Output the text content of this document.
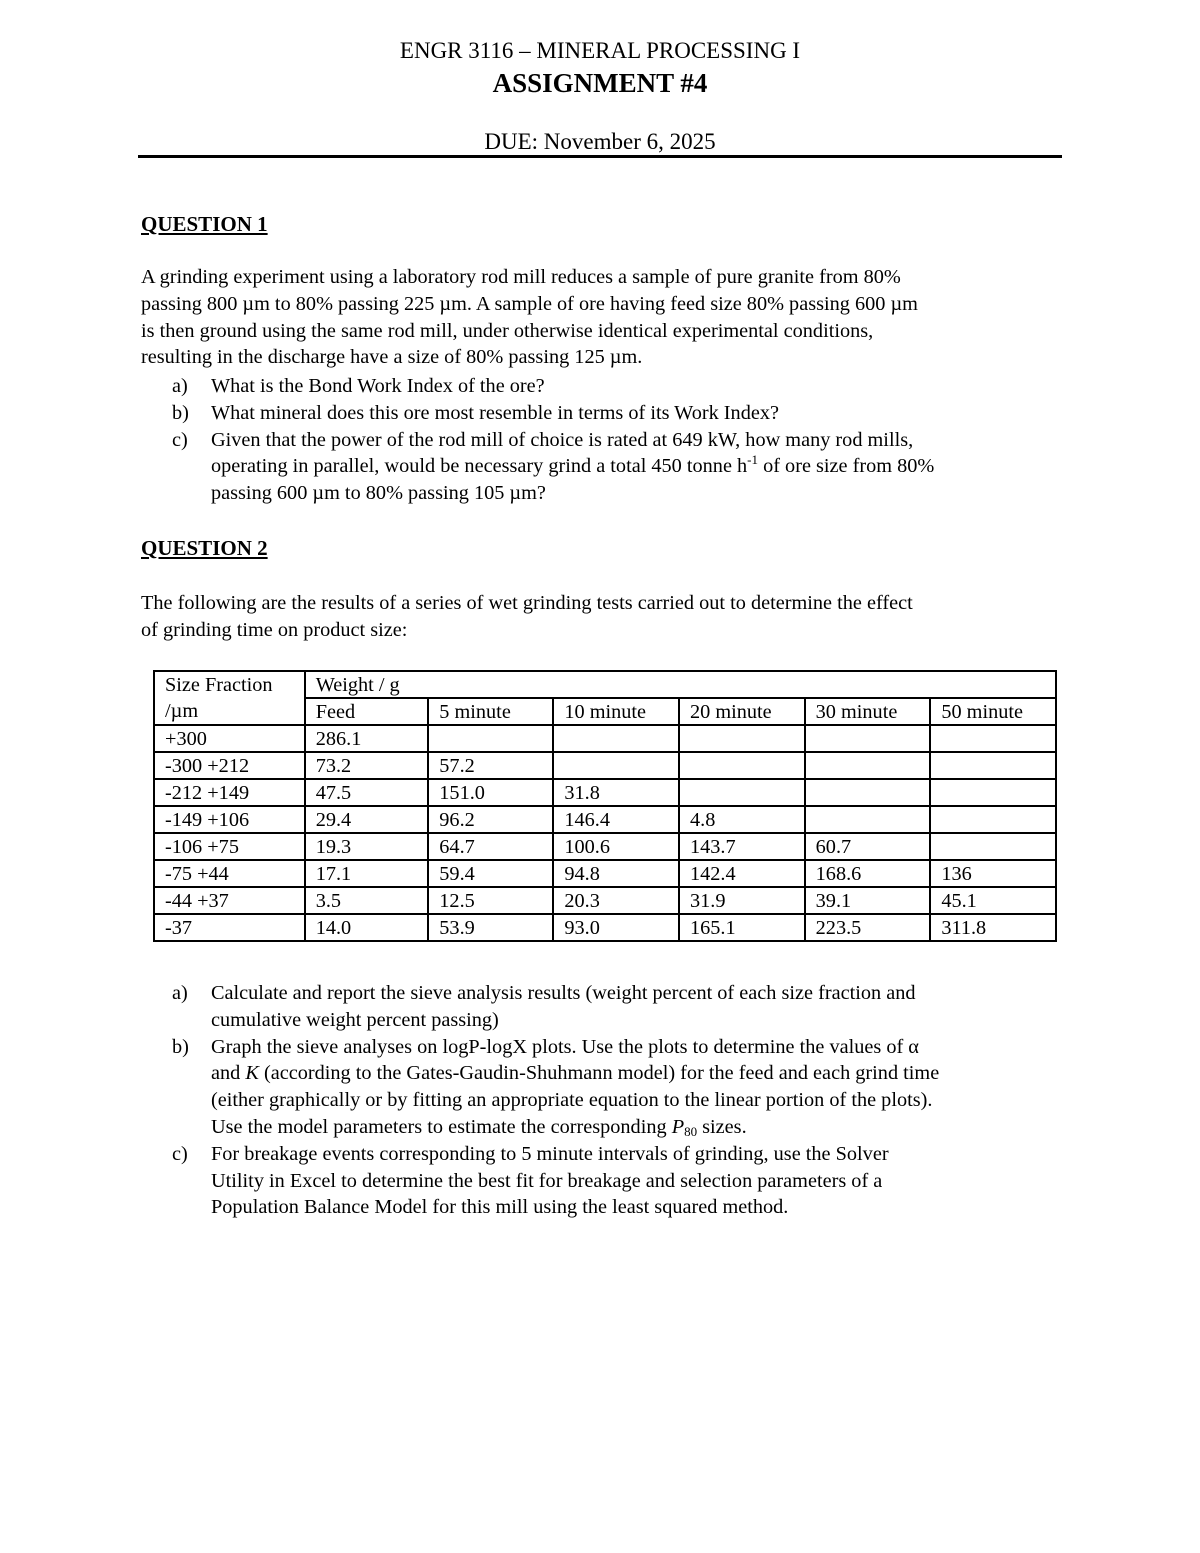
ENGR 3116 – MINERAL PROCESSING I
ASSIGNMENT #4
DUE: November 6, 2025
QUESTION 1
A grinding experiment using a laboratory rod mill reduces a sample of pure granite from 80%
passing 800 µm to 80% passing 225 µm. A sample of ore having feed size 80% passing 600 µm
is then ground using the same rod mill, under otherwise identical experimental conditions,
resulting in the discharge have a size of 80% passing 125 µm.
a) What is the Bond Work Index of the ore?
b) What mineral does this ore most resemble in terms of its Work Index?
c) Given that the power of the rod mill of choice is rated at 649 kW, how many rod mills,
operating in parallel, would be necessary grind a total 450 tonne $h^{-1}$ of ore size from 80%
passing 600 µm to 80% passing 105 µm?
QUESTION 2
The following are the results of a series of wet grinding tests carried out to determine the effect
of grinding time on product size:
Size Fraction	Weight / g					
/µm	Feed	5 minute	10 minute	20 minute	30 minute	50 minute
+300	286.1					
-300 +212	73.2	57.2				
-212 +149	47.5	151.0	31.8			
-149 +106	29.4	96.2	146.4	4.8		
-106 +75	19.3	64.7	100.6	143.7	60.7	
-75 +44	17.1	59.4	94.8	142.4	168.6	136
-44 +37	3.5	12.5	20.3	31.9	39.1	45.1
-37	14.0	53.9	93.0	165.1	223.5	311.8
a) Calculate and report the sieve analysis results (weight percent of each size fraction and
cumulative weight percent passing)
b) Graph the sieve analyses on logP-logX plots. Use the plots to determine the values of α
and K (according to the Gates-Gaudin-Shuhmann model) for the feed and each grind time
(either graphically or by fitting an appropriate equation to the linear portion of the plots).
Use the model parameters to estimate the corresponding $P_{80}$ sizes.
c) For breakage events corresponding to 5 minute intervals of grinding, use the Solver
Utility in Excel to determine the best fit for breakage and selection parameters of a
Population Balance Model for this mill using the least squared method.
